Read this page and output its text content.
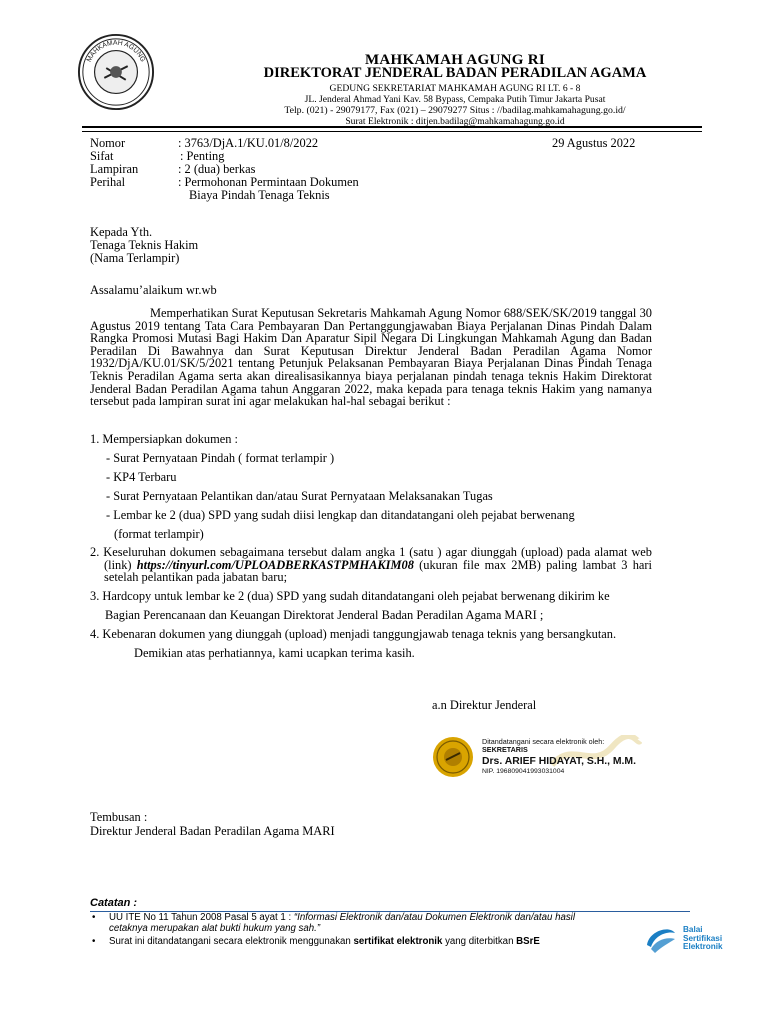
MAHKAMAH AGUNG	MAHKAMAH AGUNG RI
DIREKTORAT JENDERAL BADAN PERADILAN AGAMA
GEDUNG SEKRETARIAT MAHKAMAH AGUNG RI LT. 6 - 8
JL. Jenderal Ahmad Yani Kav. 58 Bypass, Cempaka Putih Timur Jakarta Pusat
Telp. (021) - 29079177, Fax (021) – 29079277 Situs : //badilag.mahkamahagung.go.id/
Surat Elektronik : ditjen.badilag@mahkamahagung.go.id
Nomor	: 3763/DjA.1/KU.01/8/2022	29 Agustus 2022
Sifat	: Penting
Lampiran	: 2 (dua) berkas
Perihal	: Permohonan Permintaan Dokumen
Biaya Pindah Tenaga Teknis
Kepada Yth.
Tenaga Teknis Hakim
(Nama Terlampir)
Assalamu’alaikum wr.wb
Memperhatikan Surat Keputusan Sekretaris Mahkamah Agung Nomor 688/SEK/SK/2019 tanggal 30 Agustus 2019 tentang Tata Cara Pembayaran Dan Pertanggungjawaban Biaya Perjalanan Dinas Pindah Dalam Rangka Promosi Mutasi Bagi Hakim Dan Aparatur Sipil Negara Di Lingkungan Mahkamah Agung dan Badan Peradilan Di Bawahnya dan Surat Keputusan Direktur Jenderal Badan Peradilan Agama Nomor 1932/DjA/KU.01/SK/5/2021 tentang Petunjuk Pelaksanan Pembayaran Biaya Perjalanan Dinas Pindah Tenaga Teknis Peradilan Agama serta akan direalisasikannya biaya perjalanan pindah tenaga teknis Hakim Direktorat Jenderal Badan Peradilan Agama tahun Anggaran 2022, maka kepada para tenaga teknis Hakim yang namanya tersebut pada lampiran surat ini agar melakukan hal-hal sebagai berikut :
1. Mempersiapkan dokumen :
- Surat Pernyataan Pindah ( format terlampir )
- KP4 Terbaru
- Surat Pernyataan Pelantikan dan/atau Surat Pernyataan Melaksanakan Tugas
- Lembar ke 2 (dua) SPD yang sudah diisi lengkap dan ditandatangani oleh pejabat berwenang
(format terlampir)
2. Keseluruhan dokumen sebagaimana tersebut dalam angka 1 (satu ) agar diunggah (upload) pada alamat web (link) https://tinyurl.com/UPLOADBERKASTPMHAKIM08 (ukuran file max 2MB) paling lambat 3 hari setelah pelantikan pada jabatan baru;
3. Hardcopy untuk lembar ke 2 (dua) SPD yang sudah ditandatangani oleh pejabat berwenang dikirim ke
Bagian Perencanaan dan Keuangan Direktorat Jenderal Badan Peradilan Agama MARI ;
4. Kebenaran dokumen yang diunggah (upload) menjadi tanggungjawab tenaga teknis yang bersangkutan.
Demikian atas perhatiannya, kami ucapkan terima kasih.
a.n Direktur Jenderal
Ditandatangani secara elektronik oleh:
SEKRETARIS
Drs. ARIEF HIDAYAT, S.H., M.M.
NIP. 196809041993031004
Tembusan :
Direktur Jenderal Badan Peradilan Agama MARI
Catatan :
• UU ITE No 11 Tahun 2008 Pasal 5 ayat 1 : “Informasi Elektronik dan/atau Dokumen Elektronik dan/atau hasil
cetaknya merupakan alat bukti hukum yang sah.”
• Surat ini ditandatangani secara elektronik menggunakan sertifikat elektronik yang diterbitkan BSrE
Balai
Sertifikasi
Elektronik
